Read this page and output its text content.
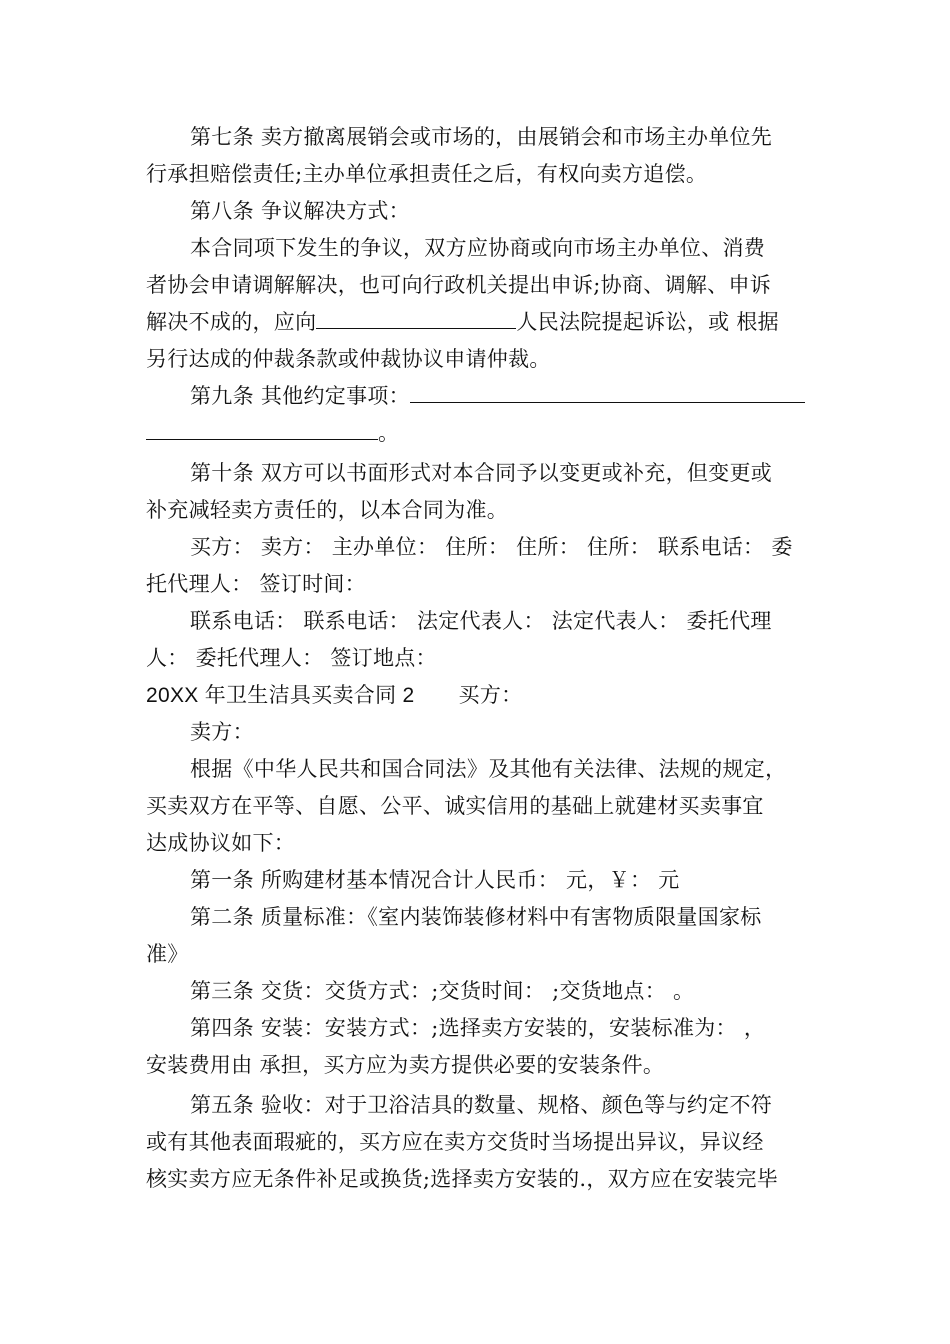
第七条 卖方撤离展销会或市场的，由展销会和市场主办单位先
行承担赔偿责任;主办单位承担责任之后，有权向卖方追偿。
第八条 争议解决方式：
本合同项下发生的争议，双方应协商或向市场主办单位、消费
者协会申请调解解决，也可向行政机关提出申诉;协商、调解、申诉
解决不成的，应向	人民法院提起诉讼，或 根据
另行达成的仲裁条款或仲裁协议申请仲裁。
第九条 其他约定事项：
。
第十条 双方可以书面形式对本合同予以变更或补充，但变更或
补充减轻卖方责任的，以本合同为准。
买方： 卖方： 主办单位： 住所： 住所： 住所： 联系电话： 委
托代理人： 签订时间：
联系电话： 联系电话： 法定代表人： 法定代表人： 委托代理
人： 委托代理人： 签订地点：
20XX 年卫生洁具买卖合同 2 买方：
卖方：
根据《中华人民共和国合同法》及其他有关法律、法规的规定，
买卖双方在平等、自愿、公平、诚实信用的基础上就建材买卖事宜
达成协议如下：
第一条 所购建材基本情况合计人民币： 元，￥： 元
第二条 质量标准：《室内装饰装修材料中有害物质限量国家标
准》
第三条 交货：交货方式：;交货时间： ;交货地点： 。
第四条 安装：安装方式：;选择卖方安装的，安装标准为： ，
安装费用由 承担，买方应为卖方提供必要的安装条件。
第五条 验收：对于卫浴洁具的数量、规格、颜色等与约定不符
或有其他表面瑕疵的，买方应在卖方交货时当场提出异议，异议经
核实卖方应无条件补足或换货;选择卖方安装的.，双方应在安装完毕
